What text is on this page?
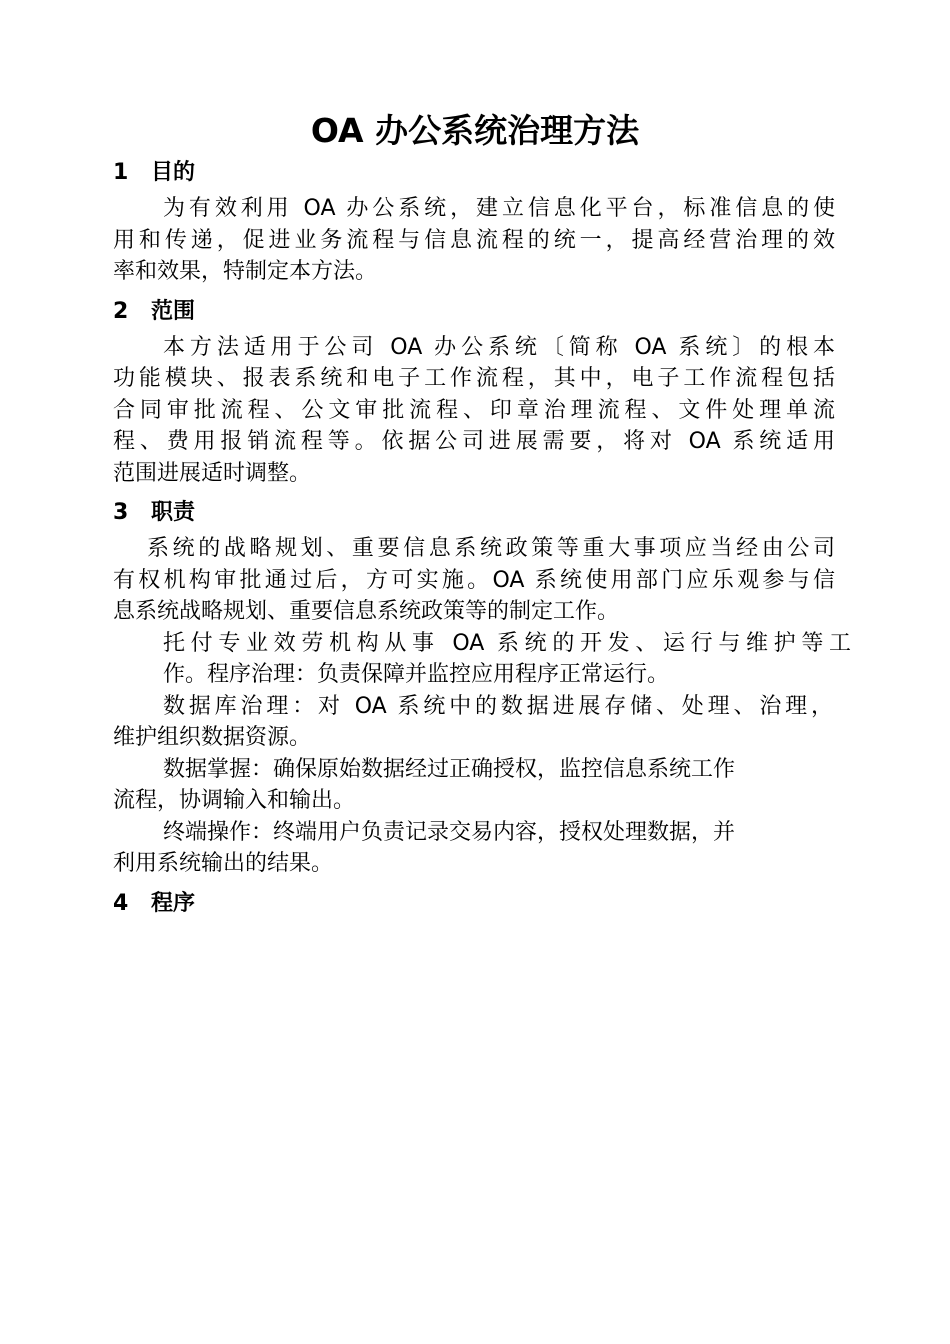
OA 办公系统治理方法
1 目的
为有效利用 OA 办公系统，建立信息化平台，标准信息的使
用和传递，促进业务流程与信息流程的统一，提高经营治理的效
率和效果，特制定本方法。
2 范围
本方法适用于公司 OA 办公系统〔简称 OA 系统〕的根本
功能模块、报表系统和电子工作流程，其中，电子工作流程包括
合同审批流程、公文审批流程、印章治理流程、文件处理单流
程、费用报销流程等。依据公司进展需要，将对 OA 系统适用
范围进展适时调整。
3 职责
系统的战略规划、重要信息系统政策等重大事项应当经由公司
有权机构审批通过后，方可实施。OA 系统使用部门应乐观参与信
息系统战略规划、重要信息系统政策等的制定工作。
托付专业效劳机构从事 OA 系统的开发、运行与维护等工
作。程序治理：负责保障并监控应用程序正常运行。
数据库治理：对 OA 系统中的数据进展存储、处理、治理，
维护组织数据资源。
数据掌握：确保原始数据经过正确授权，监控信息系统工作
流程，协调输入和输出。
终端操作：终端用户负责记录交易内容，授权处理数据，并
利用系统输出的结果。
4 程序
